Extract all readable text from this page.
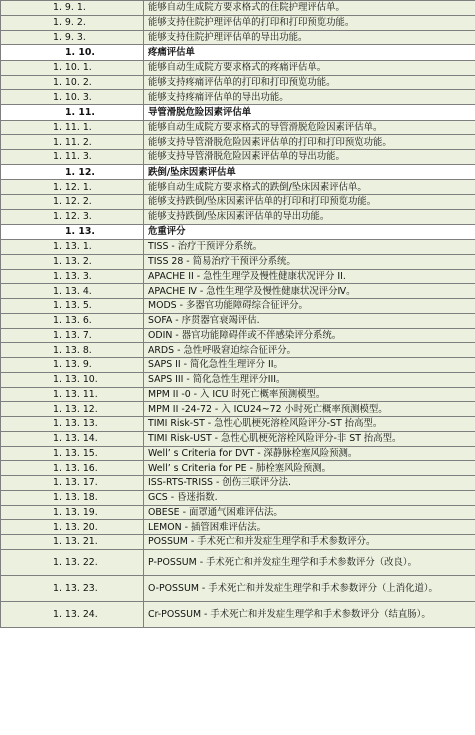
1. 9. 1.	能够自动生成院方要求格式的住院护理评估单。

1. 9. 2.	能够支持住院护理评估单的打印和打印预览功能。

1. 9. 3.	能够支持住院护理评估单的导出功能。

1. 10.	疼痛评估单

1. 10. 1.	能够自动生成院方要求格式的疼痛评估单。

1. 10. 2.	能够支持疼痛评估单的打印和打印预览功能。

1. 10. 3.	能够支持疼痛评估单的导出功能。

1. 11.	导管滑脱危险因素评估单

1. 11. 1.	能够自动生成院方要求格式的导管滑脱危险因素评估单。

1. 11. 2.	能够支持导管滑脱危险因素评估单的打印和打印预览功能。

1. 11. 3.	能够支持导管滑脱危险因素评估单的导出功能。

1. 12.	跌倒/坠床因素评估单

1. 12. 1.	能够自动生成院方要求格式的跌倒/坠床因素评估单。

1. 12. 2.	能够支持跌倒/坠床因素评估单的打印和打印预览功能。

1. 12. 3.	能够支持跌倒/坠床因素评估单的导出功能。

1. 13.	危重评分

1. 13. 1.	TISS - 治疗干预评分系统。

1. 13. 2.	TISS 28 - 简易治疗干预评分系统。

1. 13. 3.	APACHE II - 急性生理学及慢性健康状况评分 II.

1. 13. 4.	APACHE Ⅳ - 急性生理学及慢性健康状况评分Ⅳ。

1. 13. 5.	MODS - 多器官功能障碍综合征评分。

1. 13. 6.	SOFA - 序贯器官衰竭评估.

1. 13. 7.	ODIN - 器官功能障碍伴或不伴感染评分系统。

1. 13. 8.	ARDS - 急性呼吸窘迫综合征评分。

1. 13. 9.	SAPS II - 简化急性生理评分 II。

1. 13. 10.	SAPS III - 简化急性生理评分III。

1. 13. 11.	MPM II -0 - 入 ICU 时死亡概率预测模型。

1. 13. 12.	MPM II -24-72 - 入 ICU24~72 小时死亡概率预测模型。

1. 13. 13.	TIMI Risk-ST - 急性心肌梗死溶栓风险评分-ST 抬高型。

1. 13. 14.	TIMI Risk-UST - 急性心肌梗死溶栓风险评分-非 ST 抬高型。

1. 13. 15.	Well’ s Criteria for DVT - 深静脉栓塞风险预测。

1. 13. 16.	Well’ s Criteria for PE - 肺栓塞风险预测。

1. 13. 17.	ISS-RTS-TRISS - 创伤三联评分法.

1. 13. 18.	GCS - 昏迷指数.

1. 13. 19.	OBESE - 面罩通气困难评估法。

1. 13. 20.	LEMON - 插管困难评估法。

1. 13. 21.	POSSUM - 手术死亡和并发症生理学和手术参数评分。

1. 13. 22.	P-POSSUM - 手术死亡和并发症生理学和手术参数评分（改良）。

1. 13. 23.	O-POSSUM - 手术死亡和并发症生理学和手术参数评分（上消化道）。

1. 13. 24.	Cr-POSSUM - 手术死亡和并发症生理学和手术参数评分（结直肠）。
